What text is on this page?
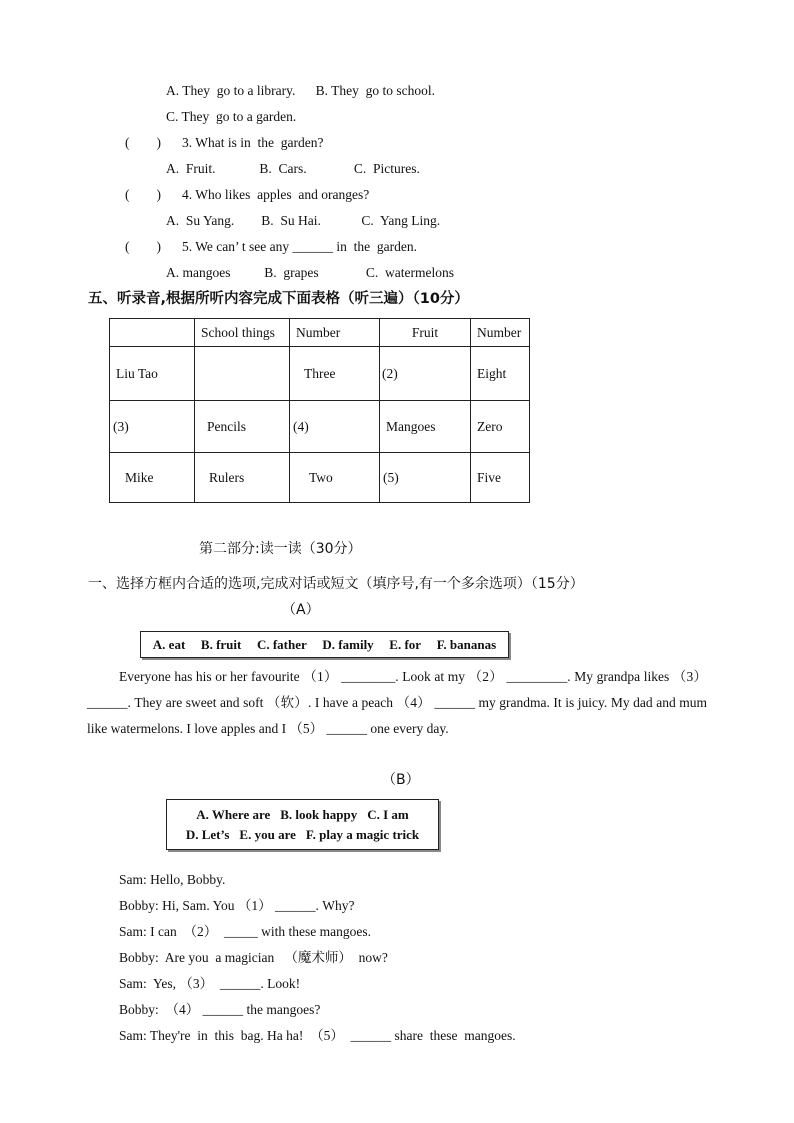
A. They  go to a library.      B. They  go to school.
C. They  go to a garden.
(        ) 3. What is in  the  garden?
A.  Fruit.             B.  Cars.              C.  Pictures.
(        ) 4. Who likes  apples  and oranges?
A.  Su Yang.        B.  Su Hai.            C.  Yang Ling.
(        ) 5. We can’ t see any ______ in  the  garden.
A. mangoes          B.  grapes              C.  watermelons
五、听录音,根据所听内容完成下面表格（听三遍）（10分）
	School things	Number	Fruit	Number
Liu Tao		Three	(2)	Eight
(3)	Pencils	(4)	Mangoes	Zero
Mike	Rulers	Two	(5)	Five
第二部分:读一读（30分）
一、选择方框内合适的选项,完成对话或短文（填序号,有一个多余选项）（15分）
（A）
A. eat B. fruit C. father D. family E. for F. bananas
Everyone has his or her favourite （1） ________. Look at my （2） _________. My grandpa likes （3） ______. They are sweet and soft （软）. I have a peach （4） ______ my grandma. It is juicy. My dad and mum like watermelons. I love apples and I （5） ______ one every day.
（B）
A. Where are B. look happy C. I am
D. Let’s E. you are F. play a magic trick
Sam: Hello, Bobby.
Bobby: Hi, Sam. You （1） ______. Why?
Sam: I can  （2）  _____ with these mangoes.
Bobby:  Are you  a magician   （魔术师）  now?
Sam:  Yes, （3）  ______. Look!
Bobby:  （4） ______ the mangoes?
Sam: They're  in  this  bag. Ha ha!  （5）  ______ share  these  mangoes.
